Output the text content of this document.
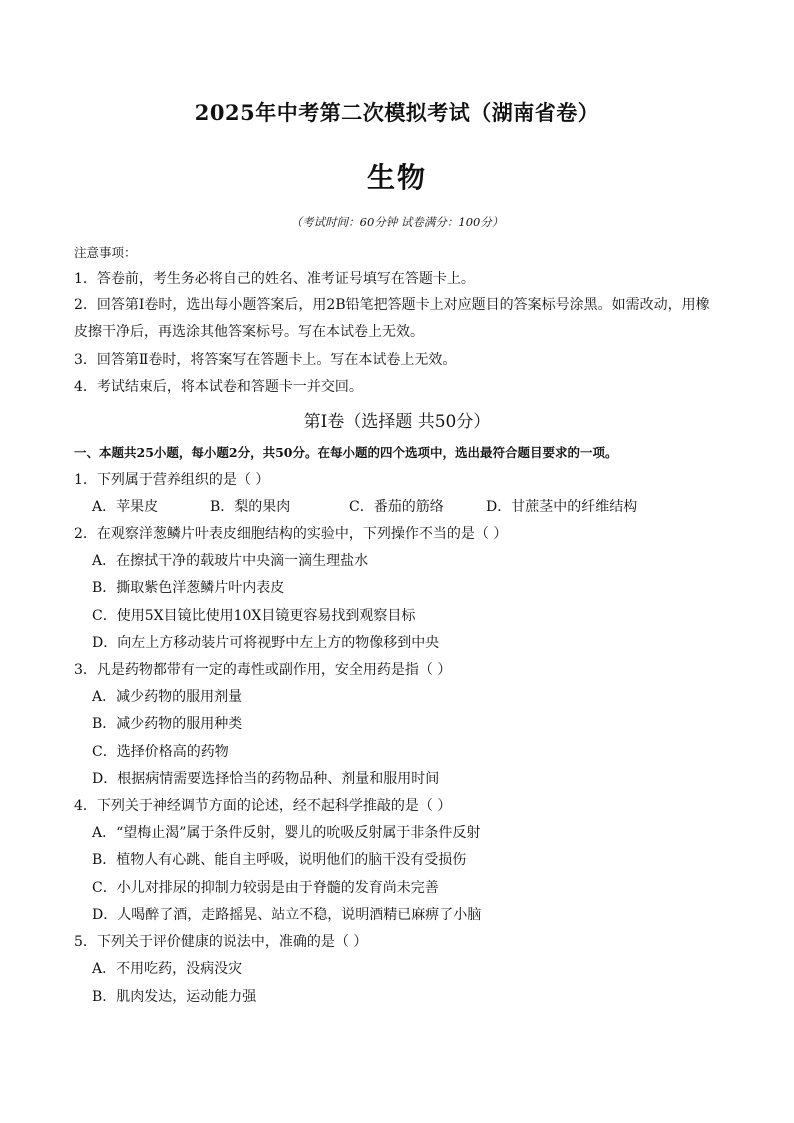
2025年中考第二次模拟考试（湖南省卷）
生物
（考试时间：60分钟 试卷满分：100分）
注意事项：
1．答卷前，考生务必将自己的姓名、准考证号填写在答题卡上。
2．回答第Ⅰ卷时，选出每小题答案后，用2B铅笔把答题卡上对应题目的答案标号涂黑。如需改动，用橡
皮擦干净后，再选涂其他答案标号。写在本试卷上无效。
3．回答第Ⅱ卷时，将答案写在答题卡上。写在本试卷上无效。
4．考试结束后，将本试卷和答题卡一并交回。
第Ⅰ卷（选择题 共50分）
一、本题共25小题，每小题2分，共50分。在每小题的四个选项中，选出最符合题目要求的一项。
1．下列属于营养组织的是（ ）
A．苹果皮	B．梨的果肉	C．番茄的筋络	D．甘蔗茎中的纤维结构
2．在观察洋葱鳞片叶表皮细胞结构的实验中，下列操作不当的是（ ）
A．在擦拭干净的载玻片中央滴一滴生理盐水
B．撕取紫色洋葱鳞片叶内表皮
C．使用5X目镜比使用10X目镜更容易找到观察目标
D．向左上方移动装片可将视野中左上方的物像移到中央
3．凡是药物都带有一定的毒性或副作用，安全用药是指（ ）
A．减少药物的服用剂量
B．减少药物的服用种类
C．选择价格高的药物
D．根据病情需要选择恰当的药物品种、剂量和服用时间
4．下列关于神经调节方面的论述，经不起科学推敲的是（ ）
A．“望梅止渴”属于条件反射，婴儿的吮吸反射属于非条件反射
B．植物人有心跳、能自主呼吸，说明他们的脑干没有受损伤
C．小儿对排尿的抑制力较弱是由于脊髓的发育尚未完善
D．人喝醉了酒，走路摇晃、站立不稳，说明酒精已麻痹了小脑
5．下列关于评价健康的说法中，准确的是（ ）
A．不用吃药，没病没灾
B．肌肉发达，运动能力强
